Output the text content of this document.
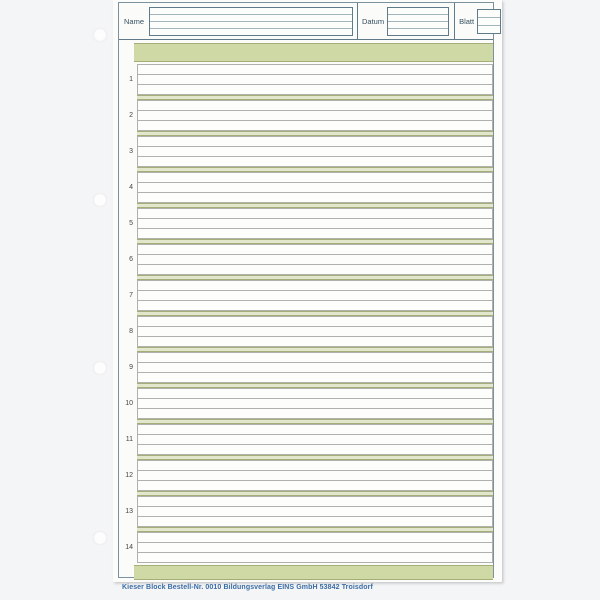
Name	Datum	Blatt
1
2
3
4
5
6
7
8
9
10
11
12
13
14
Kieser Block Bestell-Nr. 0010 Bildungsverlag EINS GmbH 53842 Troisdorf
